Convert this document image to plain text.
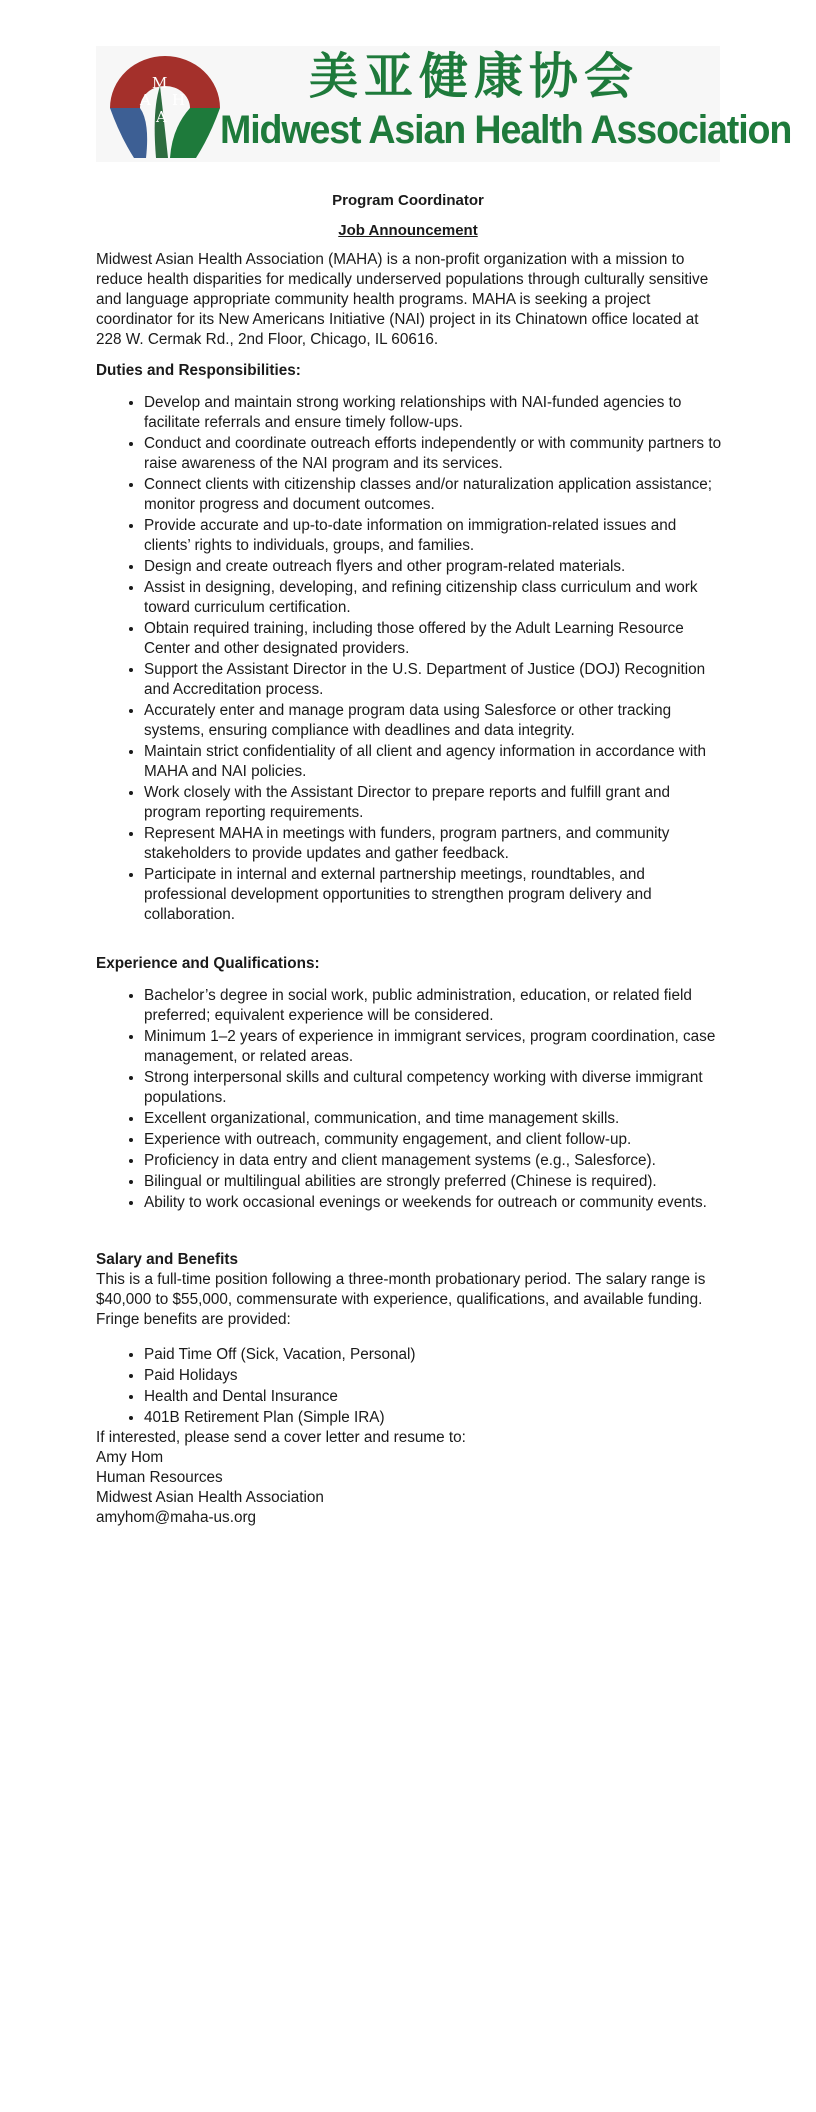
M
A H
A
美亚健康协会
Midwest Asian Health Association
Program Coordinator
Job Announcement

Midwest Asian Health Association (MAHA) is a non-profit organization with a mission to reduce health disparities for medically underserved populations through culturally sensitive and language appropriate community health programs. MAHA is seeking a project coordinator for its New Americans Initiative (NAI) project in its Chinatown office located at 228 W. Cermak Rd., 2nd Floor, Chicago, IL 60616.

Duties and Responsibilities:
• Develop and maintain strong working relationships with NAI-funded agencies to facilitate referrals and ensure timely follow-ups.
• Conduct and coordinate outreach efforts independently or with community partners to raise awareness of the NAI program and its services.
• Connect clients with citizenship classes and/or naturalization application assistance; monitor progress and document outcomes.
• Provide accurate and up-to-date information on immigration-related issues and clients’ rights to individuals, groups, and families.
• Design and create outreach flyers and other program-related materials.
• Assist in designing, developing, and refining citizenship class curriculum and work toward curriculum certification.
• Obtain required training, including those offered by the Adult Learning Resource Center and other designated providers.
• Support the Assistant Director in the U.S. Department of Justice (DOJ) Recognition and Accreditation process.
• Accurately enter and manage program data using Salesforce or other tracking systems, ensuring compliance with deadlines and data integrity.
• Maintain strict confidentiality of all client and agency information in accordance with MAHA and NAI policies.
• Work closely with the Assistant Director to prepare reports and fulfill grant and program reporting requirements.
• Represent MAHA in meetings with funders, program partners, and community stakeholders to provide updates and gather feedback.
• Participate in internal and external partnership meetings, roundtables, and professional development opportunities to strengthen program delivery and collaboration.
Experience and Qualifications:
• Bachelor’s degree in social work, public administration, education, or related field preferred; equivalent experience will be considered.
• Minimum 1–2 years of experience in immigrant services, program coordination, case management, or related areas.
• Strong interpersonal skills and cultural competency working with diverse immigrant populations.
• Excellent organizational, communication, and time management skills.
• Experience with outreach, community engagement, and client follow-up.
• Proficiency in data entry and client management systems (e.g., Salesforce).
• Bilingual or multilingual abilities are strongly preferred (Chinese is required).
• Ability to work occasional evenings or weekends for outreach or community events.
Salary and Benefits

This is a full-time position following a three-month probationary period. The salary range is $40,000 to $55,000, commensurate with experience, qualifications, and available funding. Fringe benefits are provided:

• Paid Time Off (Sick, Vacation, Personal)
• Paid Holidays
• Health and Dental Insurance
• 401B Retirement Plan (Simple IRA)

If interested, please send a cover letter and resume to:

Amy Hom

Human Resources

Midwest Asian Health Association

amyhom@maha-us.org
